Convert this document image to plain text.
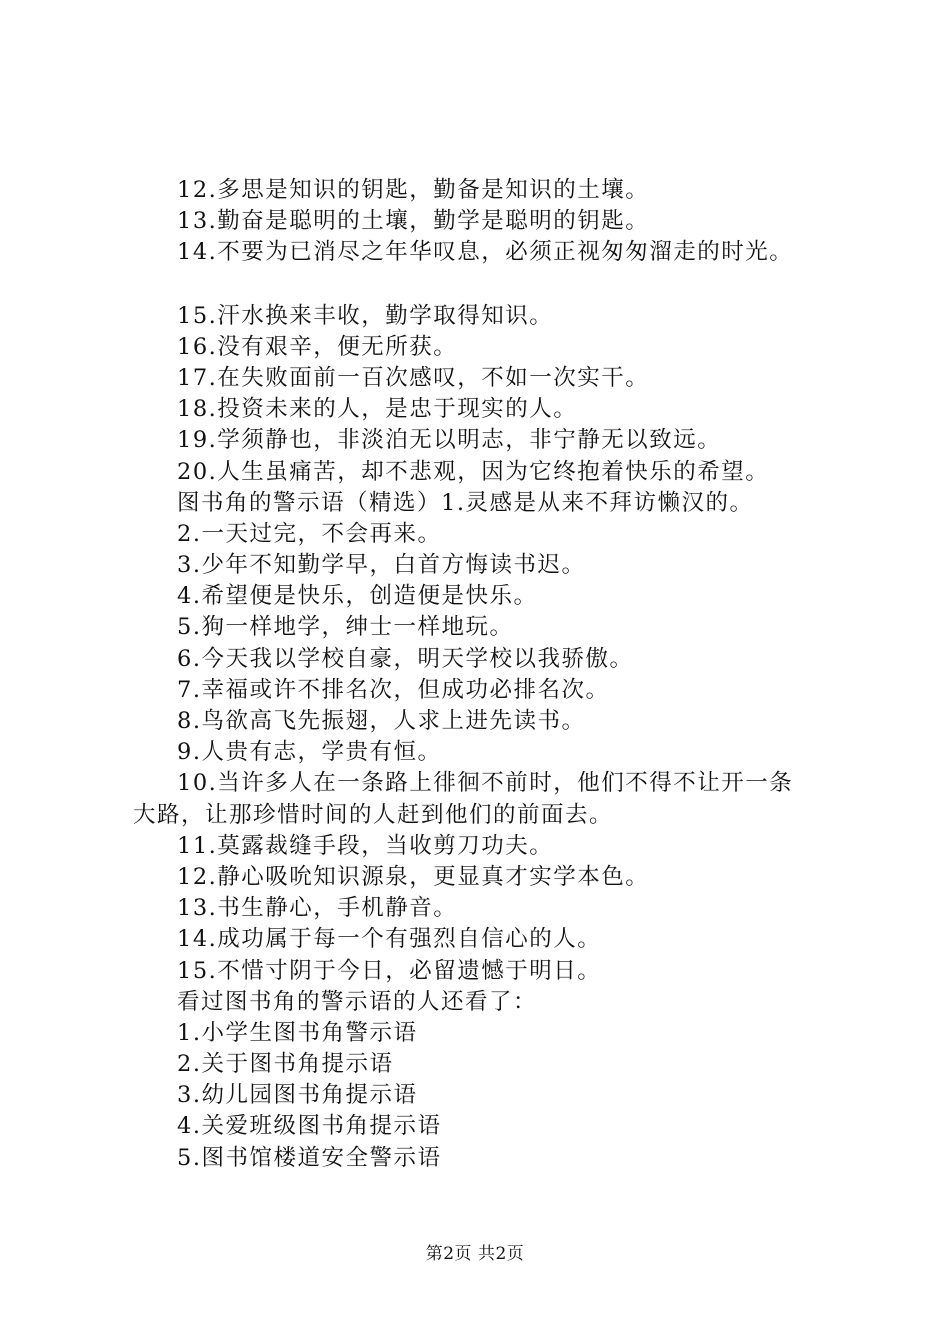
12.多思是知识的钥匙，勤备是知识的土壤。
13.勤奋是聪明的土壤，勤学是聪明的钥匙。
14.不要为已消尽之年华叹息，必须正视匆匆溜走的时光。
15.汗水换来丰收，勤学取得知识。
16.没有艰辛，便无所获。
17.在失败面前一百次感叹，不如一次实干。
18.投资未来的人，是忠于现实的人。
19.学须静也，非淡泊无以明志，非宁静无以致远。
20.人生虽痛苦，却不悲观，因为它终抱着快乐的希望。
图书角的警示语（精选）1.灵感是从来不拜访懒汉的。
2.一天过完，不会再来。
3.少年不知勤学早，白首方悔读书迟。
4.希望便是快乐，创造便是快乐。
5.狗一样地学，绅士一样地玩。
6.今天我以学校自豪，明天学校以我骄傲。
7.幸福或许不排名次，但成功必排名次。
8.鸟欲高飞先振翅，人求上进先读书。
9.人贵有志，学贵有恒。
10.当许多人在一条路上徘徊不前时，他们不得不让开一条
大路，让那珍惜时间的人赶到他们的前面去。
11.莫露裁缝手段，当收剪刀功夫。
12.静心吸吮知识源泉，更显真才实学本色。
13.书生静心，手机静音。
14.成功属于每一个有强烈自信心的人。
15.不惜寸阴于今日，必留遗憾于明日。
看过图书角的警示语的人还看了：
1.小学生图书角警示语
2.关于图书角提示语
3.幼儿园图书角提示语
4.关爱班级图书角提示语
5.图书馆楼道安全警示语
第2页 共2页
